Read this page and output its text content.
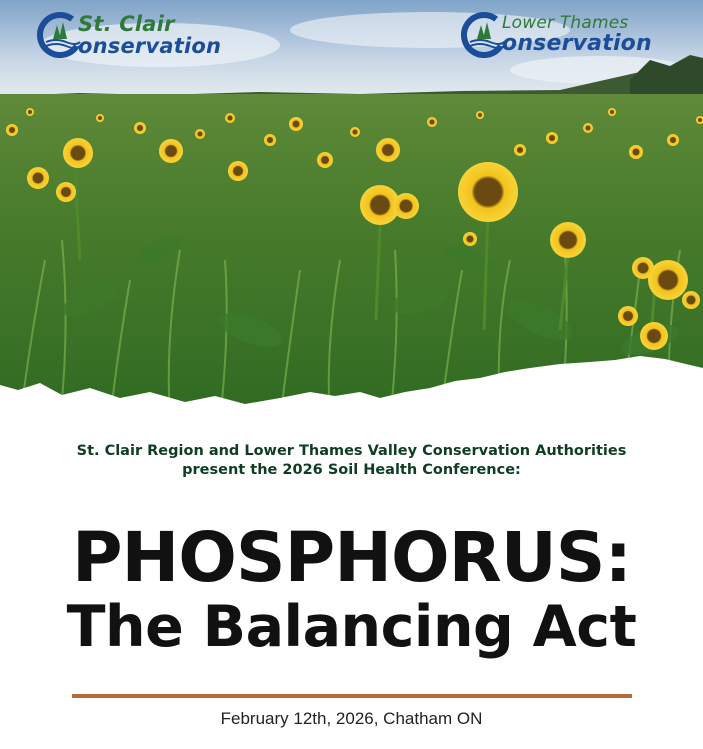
St. Clair
onservation
Lower Thames
onservation
St. Clair Region and Lower Thames Valley Conservation Authorities
present the 2026 Soil Health Conference:
PHOSPHORUS:
The Balancing Act
February 12th, 2026, Chatham ON
